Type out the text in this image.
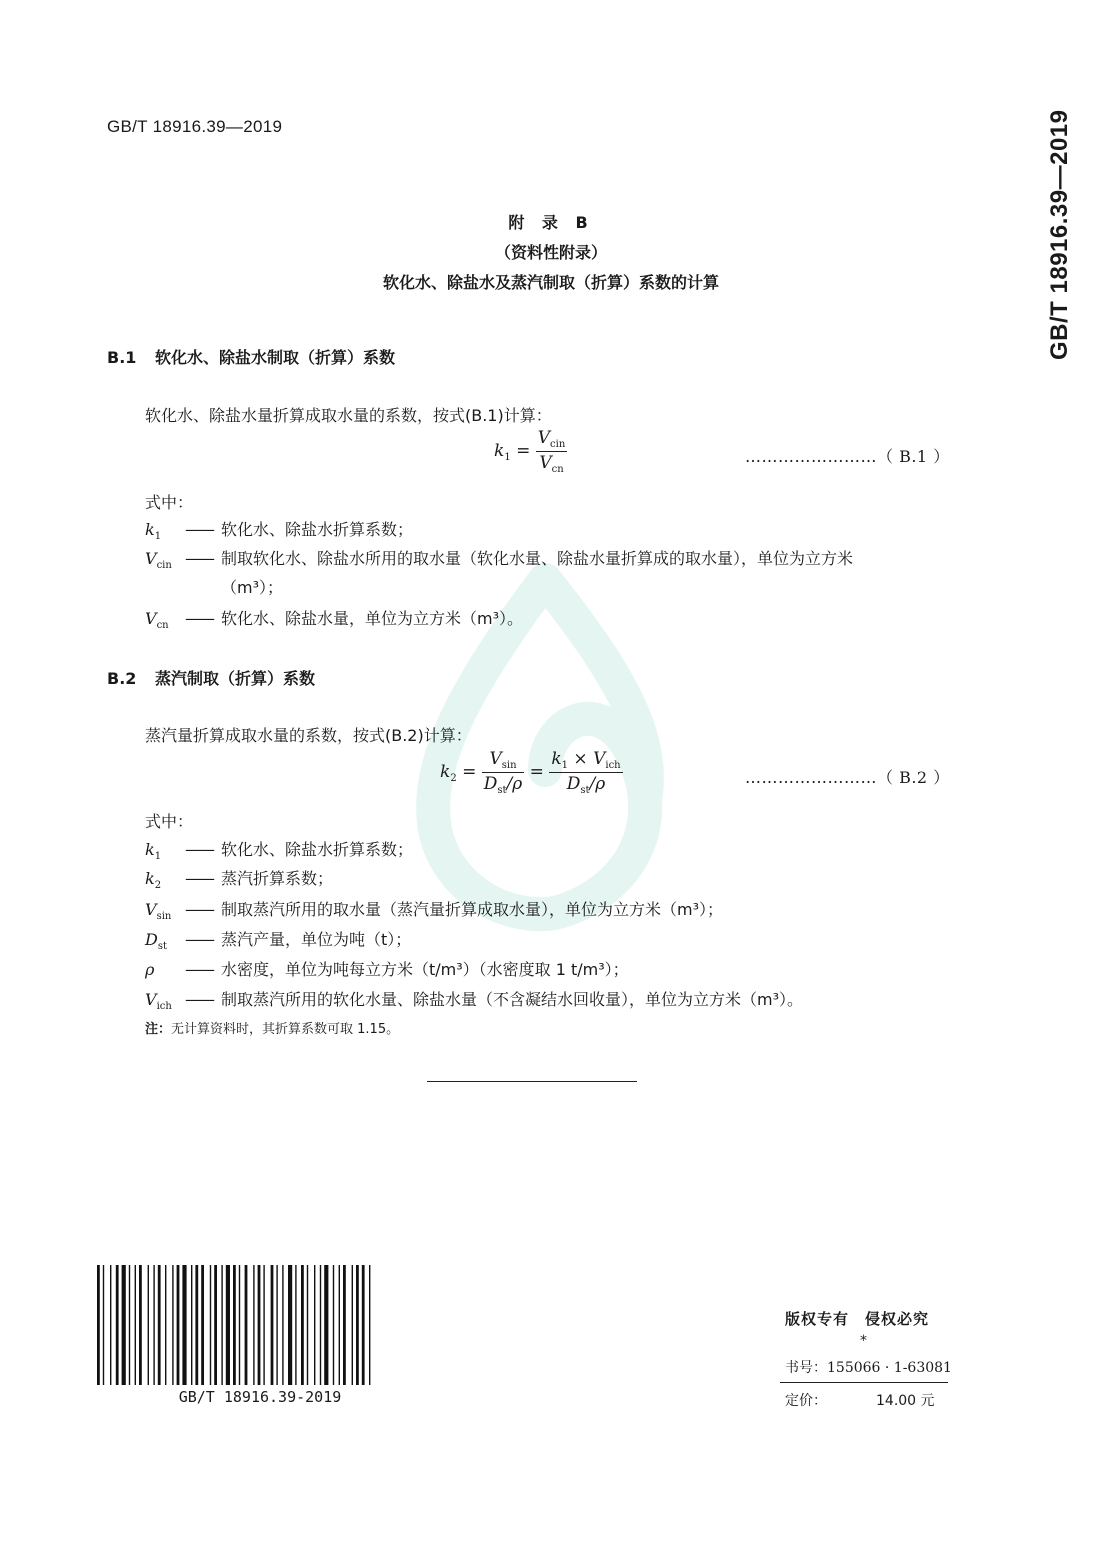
GB/T 18916.39—2019	GB/T 18916.39—2019
附 录 B
（资料性附录）
软化水、除盐水及蒸汽制取（折算）系数的计算
B.1 软化水、除盐水制取（折算）系数
软化水、除盐水量折算成取水量的系数，按式(B.1)计算：
$k_1 = \frac{V_{cin}}{V_{cn}}$	……………………（ B.1 ）
式中：
$k_1$ —— 软化水、除盐水折算系数；
$V_{cin}$ —— 制取软化水、除盐水所用的取水量（软化水量、除盐水量折算成的取水量），单位为立方米
（m³）；
$V_{cn}$ —— 软化水、除盐水量，单位为立方米（m³）。
B.2 蒸汽制取（折算）系数
蒸汽量折算成取水量的系数，按式(B.2)计算：
$k_2 = \frac{V_{sin}}{D_{st}/\rho} = \frac{k_1 \times V_{ich}}{D_{st}/\rho}$	……………………（ B.2 ）
式中：
$k_1$ —— 软化水、除盐水折算系数；
$k_2$ —— 蒸汽折算系数；
$V_{sin}$ —— 制取蒸汽所用的取水量（蒸汽量折算成取水量），单位为立方米（m³）；
$D_{st}$ —— 蒸汽产量，单位为吨（t）；
ρ —— 水密度，单位为吨每立方米（t/m³）（水密度取 1 t/m³）；
$V_{ich}$ —— 制取蒸汽所用的软化水量、除盐水量（不含凝结水回收量），单位为立方米（m³）。
注：无计算资料时，其折算系数可取 1.15。
GB/T 18916.39-2019
版权专有　侵权必究
*
书号：155066 · 1-63081
定价：	14.00 元
